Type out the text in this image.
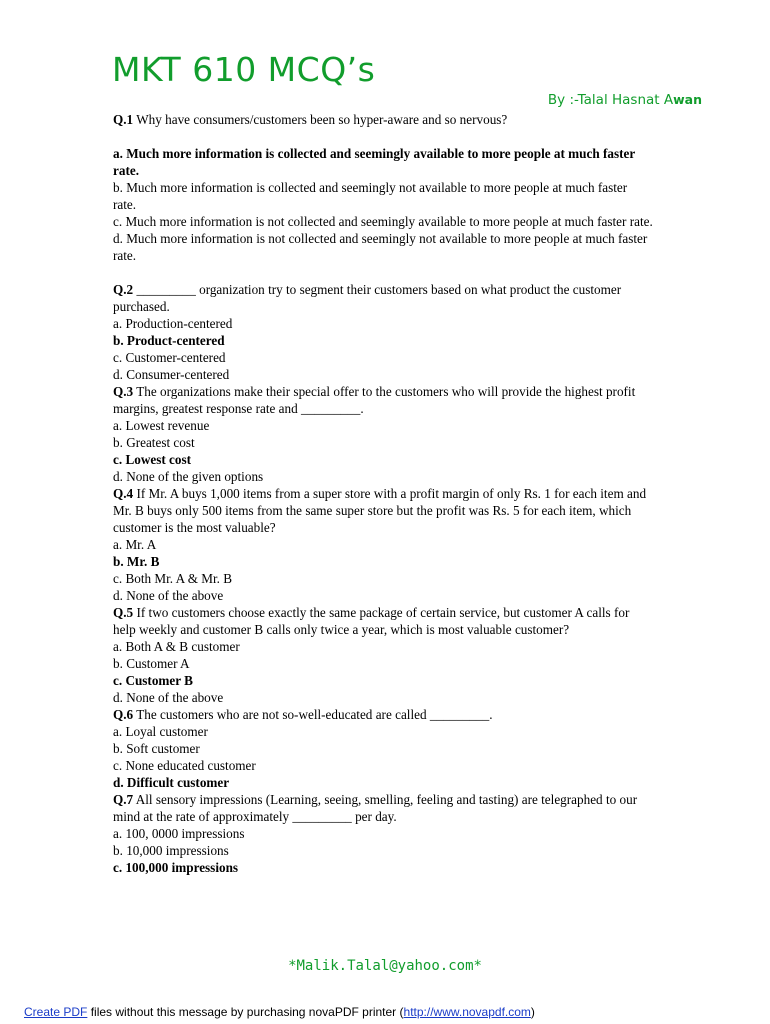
MKT 610 MCQ’s
By :-Talal Hasnat Awan
Q.1 Why have consumers/customers been so hyper-aware and so nervous?
a. Much more information is collected and seemingly available to more people at much faster rate.
b. Much more information is collected and seemingly not available to more people at much faster rate.
c. Much more information is not collected and seemingly available to more people at much faster rate.
d. Much more information is not collected and seemingly not available to more people at much faster rate.
Q.2 _________ organization try to segment their customers based on what product the customer purchased.
a. Production-centered
b. Product-centered
c. Customer-centered
d. Consumer-centered
Q.3 The organizations make their special offer to the customers who will provide the highest profit margins, greatest response rate and _________.
a. Lowest revenue
b. Greatest cost
c. Lowest cost
d. None of the given options
Q.4 If Mr. A buys 1,000 items from a super store with a profit margin of only Rs. 1 for each item and Mr. B buys only 500 items from the same super store but the profit was Rs. 5 for each item, which customer is the most valuable?
a. Mr. A
b. Mr. B
c. Both Mr. A & Mr. B
d. None of the above
Q.5 If two customers choose exactly the same package of certain service, but customer A calls for help weekly and customer B calls only twice a year, which is most valuable customer?
a. Both A & B customer
b. Customer A
c. Customer B
d. None of the above
Q.6 The customers who are not so-well-educated are called _________.
a. Loyal customer
b. Soft customer
c. None educated customer
d. Difficult customer
Q.7 All sensory impressions (Learning, seeing, smelling, feeling and tasting) are telegraphed to our mind at the rate of approximately _________ per day.
a. 100, 0000 impressions
b. 10,000 impressions
c. 100,000 impressions
*Malik.Talal@yahoo.com*
Create PDF files without this message by purchasing novaPDF printer (http://www.novapdf.com)
